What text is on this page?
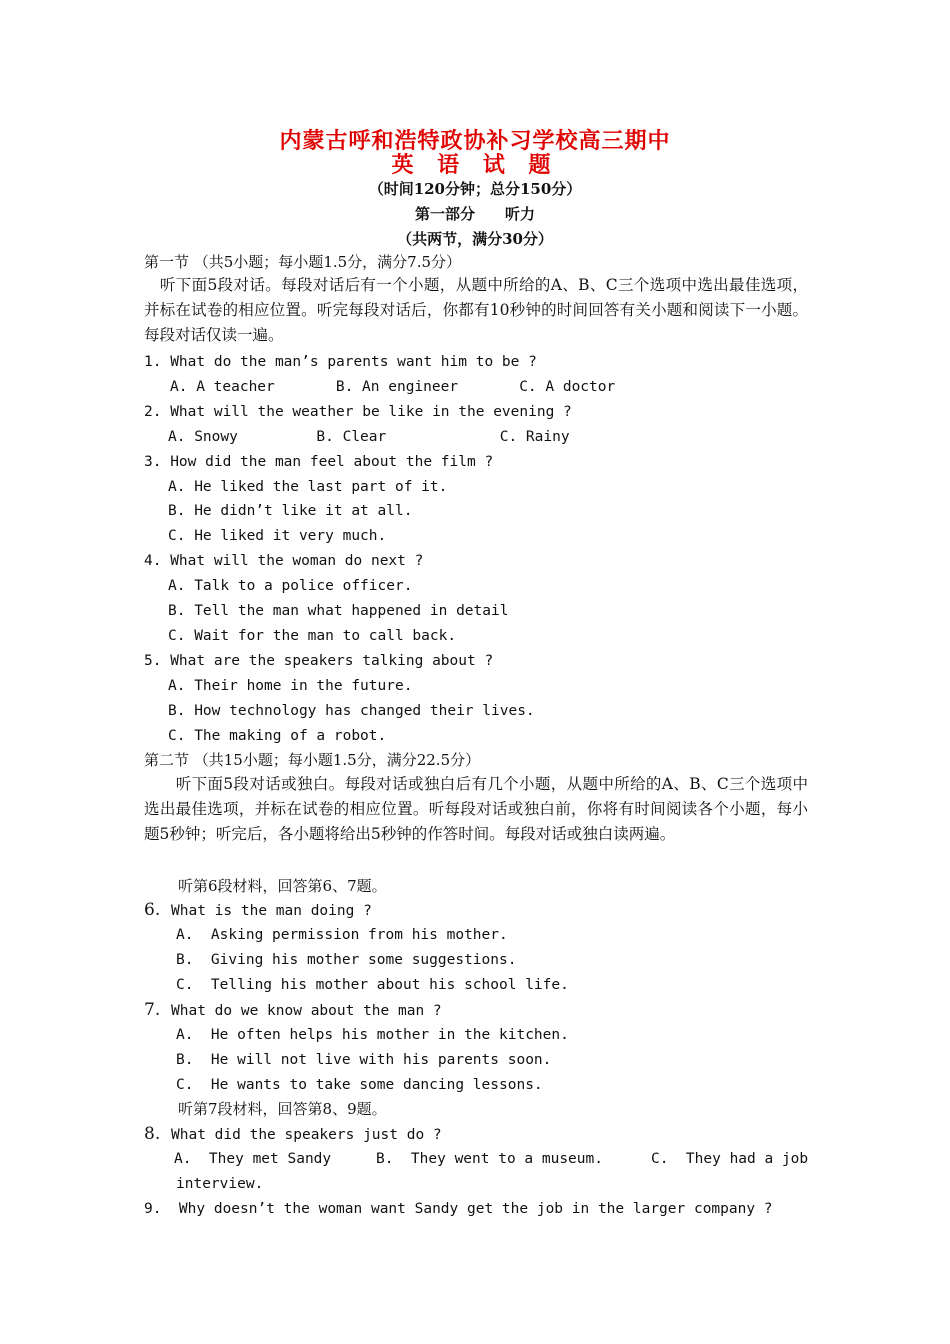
内蒙古呼和浩特政协补习学校高三期中
英 语 试 题
（时间120分钟；总分150分）
第一部分　　听力
（共两节，满分30分）
第一节 （共5小题；每小题1.5分，满分7.5分）
　听下面5段对话。每段对话后有一个小题，从题中所给的A、B、C三个选项中选出最佳选项，并标在试卷的相应位置。听完每段对话后，你都有10秒钟的时间回答有关小题和阅读下一小题。每段对话仅读一遍。
1. What do the man’s parents want him to be ?
A. A teacher       B. An engineer       C. A doctor
2. What will the weather be like in the evening ?
A. Snowy         B. Clear             C. Rainy
3. How did the man feel about the film ?
A. He liked the last part of it.
B. He didn’t like it at all.
C. He liked it very much.
4. What will the woman do next ?
A. Talk to a police officer.
B. Tell the man what happened in detail
C. Wait for the man to call back.
5. What are the speakers talking about ?
A. Their home in the future.
B. How technology has changed their lives.
C. The making of a robot.
第二节 （共15小题；每小题1.5分，满分22.5分）
　　听下面5段对话或独白。每段对话或独白后有几个小题，从题中所给的A、B、C三个选项中选出最佳选项，并标在试卷的相应位置。听每段对话或独白前，你将有时间阅读各个小题，每小题5秒钟；听完后，各小题将给出5秒钟的作答时间。每段对话或独白读两遍。
听第6段材料，回答第6、7题。
6. What is the man doing ?
A.  Asking permission from his mother.
B.  Giving his mother some suggestions.
C.  Telling his mother about his school life.
7. What do we know about the man ?
A.  He often helps his mother in the kitchen.
B.  He will not live with his parents soon.
C.  He wants to take some dancing lessons.
听第7段材料，回答第8、9题。
8. What did the speakers just do ?
A.  They met Sandy	B.  They went to a museum.	C.  They had a job
interview.
9.  Why doesn’t the woman want Sandy get the job in the larger company ?
